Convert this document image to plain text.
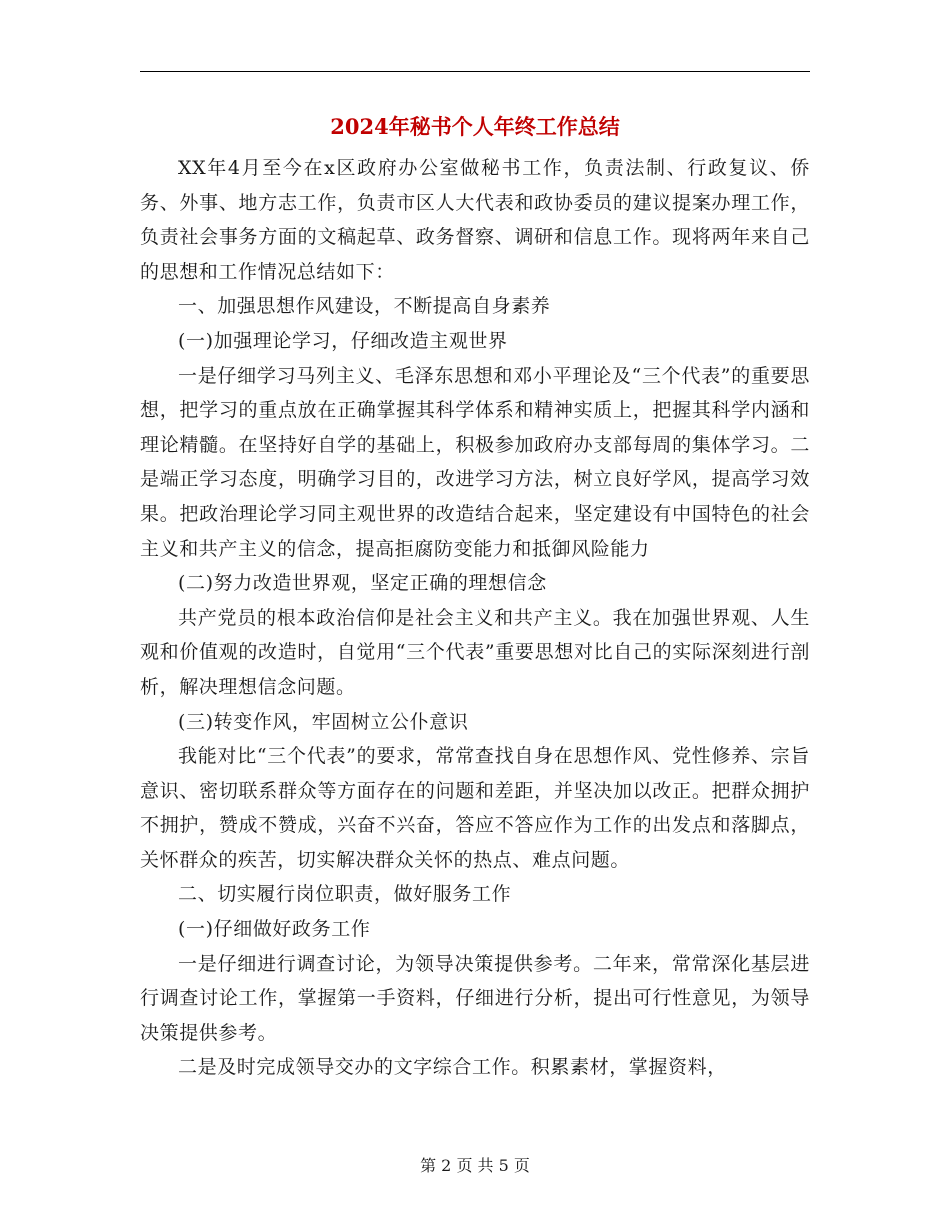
2024年秘书个人年终工作总结

XX年4月至今在x区政府办公室做秘书工作，负责法制、行政复议、侨务、外事、地方志工作，负责市区人大代表和政协委员的建议提案办理工作，负责社会事务方面的文稿起草、政务督察、调研和信息工作。现将两年来自己的思想和工作情况总结如下：

一、加强思想作风建设，不断提高自身素养

(一)加强理论学习，仔细改造主观世界

一是仔细学习马列主义、毛泽东思想和邓小平理论及“三个代表”的重要思想，把学习的重点放在正确掌握其科学体系和精神实质上，把握其科学内涵和理论精髓。在坚持好自学的基础上，积极参加政府办支部每周的集体学习。二是端正学习态度，明确学习目的，改进学习方法，树立良好学风，提高学习效果。把政治理论学习同主观世界的改造结合起来，坚定建设有中国特色的社会主义和共产主义的信念，提高拒腐防变能力和抵御风险能力

(二)努力改造世界观，坚定正确的理想信念

共产党员的根本政治信仰是社会主义和共产主义。我在加强世界观、人生观和价值观的改造时，自觉用“三个代表”重要思想对比自己的实际深刻进行剖析，解决理想信念问题。

(三)转变作风，牢固树立公仆意识

我能对比“三个代表”的要求，常常查找自身在思想作风、党性修养、宗旨意识、密切联系群众等方面存在的问题和差距，并坚决加以改正。把群众拥护不拥护，赞成不赞成，兴奋不兴奋，答应不答应作为工作的出发点和落脚点，关怀群众的疾苦，切实解决群众关怀的热点、难点问题。

二、切实履行岗位职责，做好服务工作

(一)仔细做好政务工作

一是仔细进行调查讨论，为领导决策提供参考。二年来，常常深化基层进行调查讨论工作，掌握第一手资料，仔细进行分析，提出可行性意见，为领导决策提供参考。

二是及时完成领导交办的文字综合工作。积累素材，掌握资料，

第 2 页 共 5 页
